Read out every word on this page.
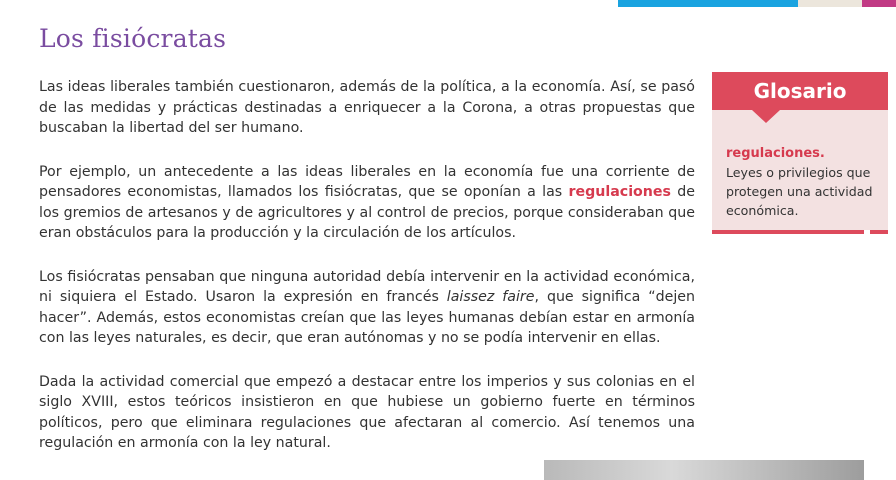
Los fisiócratas

Las ideas liberales también cuestionaron, además de la política, a la economía. Así, se pasó de las medidas y prácticas destinadas a enriquecer a la Corona, a otras propuestas que buscaban la libertad del ser humano.

Por ejemplo, un antecedente a las ideas liberales en la economía fue una corriente de pensadores economistas, llamados los fisiócratas, que se oponían a las regulaciones de los gremios de artesanos y de agricultores y al control de precios, porque consideraban que eran obstáculos para la producción y la circulación de los artículos.

Los fisiócratas pensaban que ninguna autoridad debía intervenir en la actividad económica, ni siquiera el Estado. Usaron la expresión en francés laissez faire, que significa “dejen hacer”. Además, estos economistas creían que las leyes humanas debían estar en armonía con las leyes naturales, es decir, que eran autónomas y no se podía intervenir en ellas.

Dada la actividad comercial que empezó a destacar entre los imperios y sus colonias en el siglo XVIII, estos teóricos insistieron en que hubiese un gobierno fuerte en términos políticos, pero que eliminara regulaciones que afectaran al comercio. Así tenemos una regulación en armonía con la ley natural.

Glosario
regulaciones.
Leyes o privilegios que protegen una actividad económica.
